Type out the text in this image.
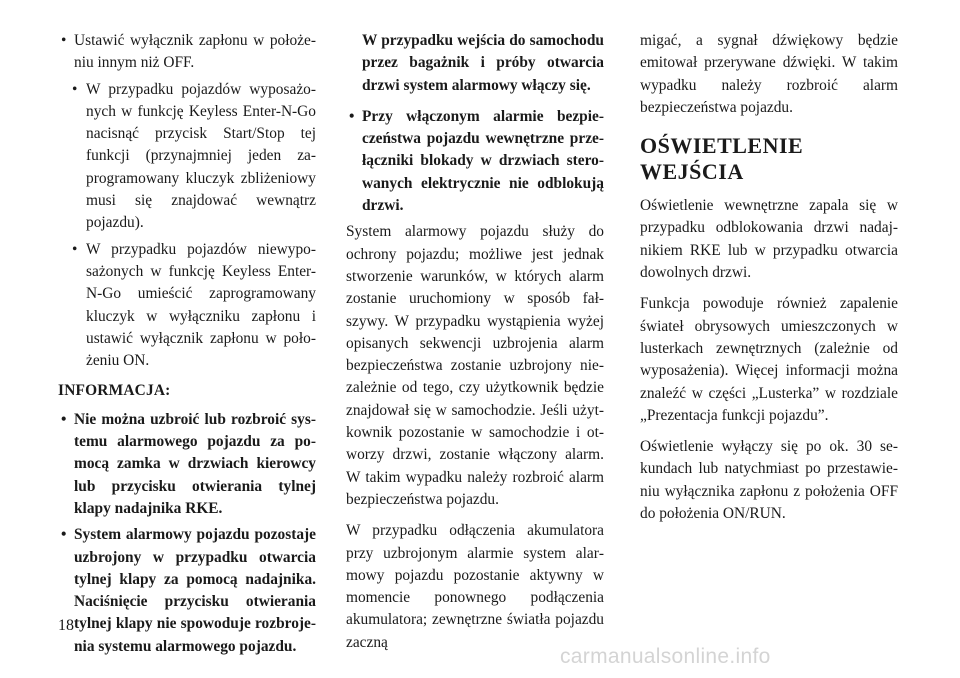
• Ustawić wyłącznik zapłonu w położeniu innym niż OFF.
• W przypadku pojazdów wyposażonych w funkcję Keyless Enter-N-Go nacisnąć przycisk Start/Stop tej funkcji (przynajmniej jeden zaprogramowany kluczyk zbliżeniowy musi się znajdować wewnątrz pojazdu).
• W przypadku pojazdów niewyposażonych w funkcję Keyless Enter-N-Go umieścić zaprogramowany kluczyk w wyłączniku zapłonu i ustawić wyłącznik zapłonu w położeniu ON.
INFORMACJA:
• Nie można uzbroić lub rozbroić systemu alarmowego pojazdu za pomocą zamka w drzwiach kierowcy lub przycisku otwierania tylnej klapy nadajnika RKE.
• System alarmowy pojazdu pozostaje uzbrojony w przypadku otwarcia tylnej klapy za pomocą nadajnika. Naciśnięcie przycisku otwierania tylnej klapy nie spowoduje rozbrojenia systemu alarmowego pojazdu.

W przypadku wejścia do samochodu przez bagażnik i próby otwarcia drzwi system alarmowy włączy się.

• Przy włączonym alarmie bezpieczeństwa pojazdu wewnętrzne przełączniki blokady w drzwiach sterowanych elektrycznie nie odblokują drzwi.

System alarmowy pojazdu służy do ochrony pojazdu; możliwe jest jednak stworzenie warunków, w których alarm zostanie uruchomiony w sposób fałszywy. W przypadku wystąpienia wyżej opisanych sekwencji uzbrojenia alarm bezpieczeństwa zostanie uzbrojony niezależnie od tego, czy użytkownik będzie znajdował się w samochodzie. Jeśli użytkownik pozostanie w samochodzie i otworzy drzwi, zostanie włączony alarm. W takim wypadku należy rozbroić alarm bezpieczeństwa pojazdu.

W przypadku odłączenia akumulatora przy uzbrojonym alarmie system alarmowy pojazdu pozostanie aktywny w momencie ponownego podłączenia akumulatora; zewnętrzne światła pojazdu zaczną

migać, a sygnał dźwiękowy będzie emitował przerywane dźwięki. W takim wypadku należy rozbroić alarm bezpieczeństwa pojazdu.

OŚWIETLENIE WEJŚCIA

Oświetlenie wewnętrzne zapala się w przypadku odblokowania drzwi nadajnikiem RKE lub w przypadku otwarcia dowolnych drzwi.

Funkcja powoduje również zapalenie świateł obrysowych umieszczonych w lusterkach zewnętrznych (zależnie od wyposażenia). Więcej informacji można znaleźć w części „Lusterka” w rozdziale „Prezentacja funkcji pojazdu”.

Oświetlenie wyłączy się po ok. 30 sekundach lub natychmiast po przestawieniu wyłącznika zapłonu z położenia OFF do położenia ON/RUN.

18
carmanualsonline.info
